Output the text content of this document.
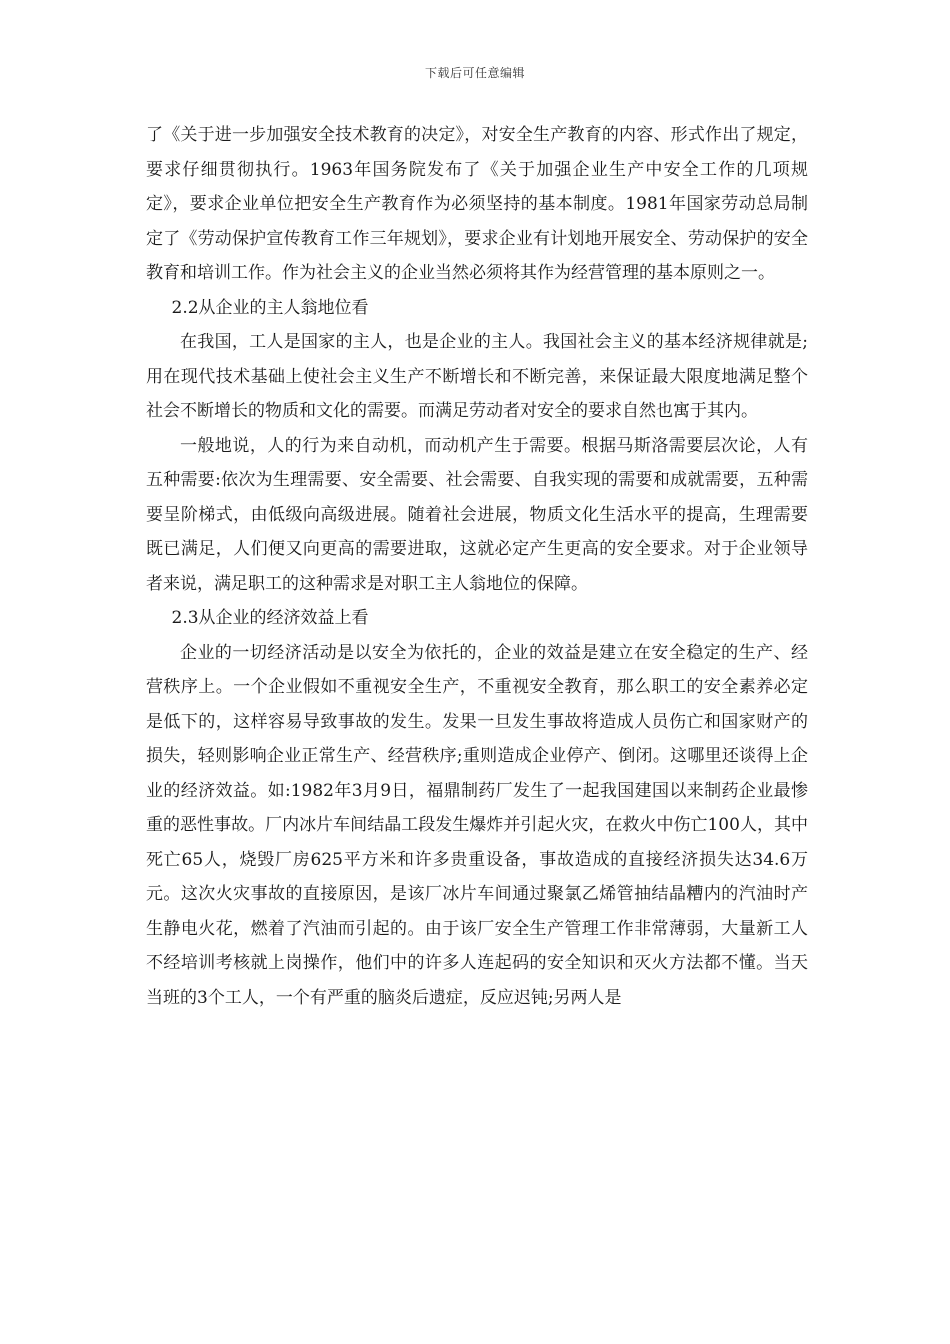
下载后可任意编辑

了《关于进一步加强安全技术教育的决定》，对安全生产教育的内容、形式作出了规定，要求仔细贯彻执行。1963年国务院发布了《关于加强企业生产中安全工作的几项规定》，要求企业单位把安全生产教育作为必须坚持的基本制度。1981年国家劳动总局制定了《劳动保护宣传教育工作三年规划》，要求企业有计划地开展安全、劳动保护的安全教育和培训工作。作为社会主义的企业当然必须将其作为经营管理的基本原则之一。

2.2从企业的主人翁地位看

在我国，工人是国家的主人，也是企业的主人。我国社会主义的基本经济规律就是;用在现代技术基础上使社会主义生产不断增长和不断完善，来保证最大限度地满足整个社会不断增长的物质和文化的需要。而满足劳动者对安全的要求自然也寓于其内。

一般地说，人的行为来自动机，而动机产生于需要。根据马斯洛需要层次论，人有五种需要:依次为生理需要、安全需要、社会需要、自我实现的需要和成就需要，五种需要呈阶梯式，由低级向高级进展。随着社会进展，物质文化生活水平的提高，生理需要既已满足，人们便又向更高的需要进取，这就必定产生更高的安全要求。对于企业领导者来说，满足职工的这种需求是对职工主人翁地位的保障。

2.3从企业的经济效益上看

企业的一切经济活动是以安全为依托的，企业的效益是建立在安全稳定的生产、经营秩序上。一个企业假如不重视安全生产，不重视安全教育，那么职工的安全素养必定是低下的，这样容易导致事故的发生。发果一旦发生事故将造成人员伤亡和国家财产的损失，轻则影响企业正常生产、经营秩序;重则造成企业停产、倒闭。这哪里还谈得上企业的经济效益。如:1982年3月9日，福鼎制药厂发生了一起我国建国以来制药企业最惨重的恶性事故。厂内冰片车间结晶工段发生爆炸并引起火灾，在救火中伤亡100人，其中死亡65人，烧毁厂房625平方米和许多贵重设备，事故造成的直接经济损失达34.6万元。这次火灾事故的直接原因，是该厂冰片车间通过聚氯乙烯管抽结晶糟内的汽油时产生静电火花，燃着了汽油而引起的。由于该厂安全生产管理工作非常薄弱，大量新工人不经培训考核就上岗操作，他们中的许多人连起码的安全知识和灭火方法都不懂。当天当班的3个工人，一个有严重的脑炎后遗症，反应迟钝;另两人是
